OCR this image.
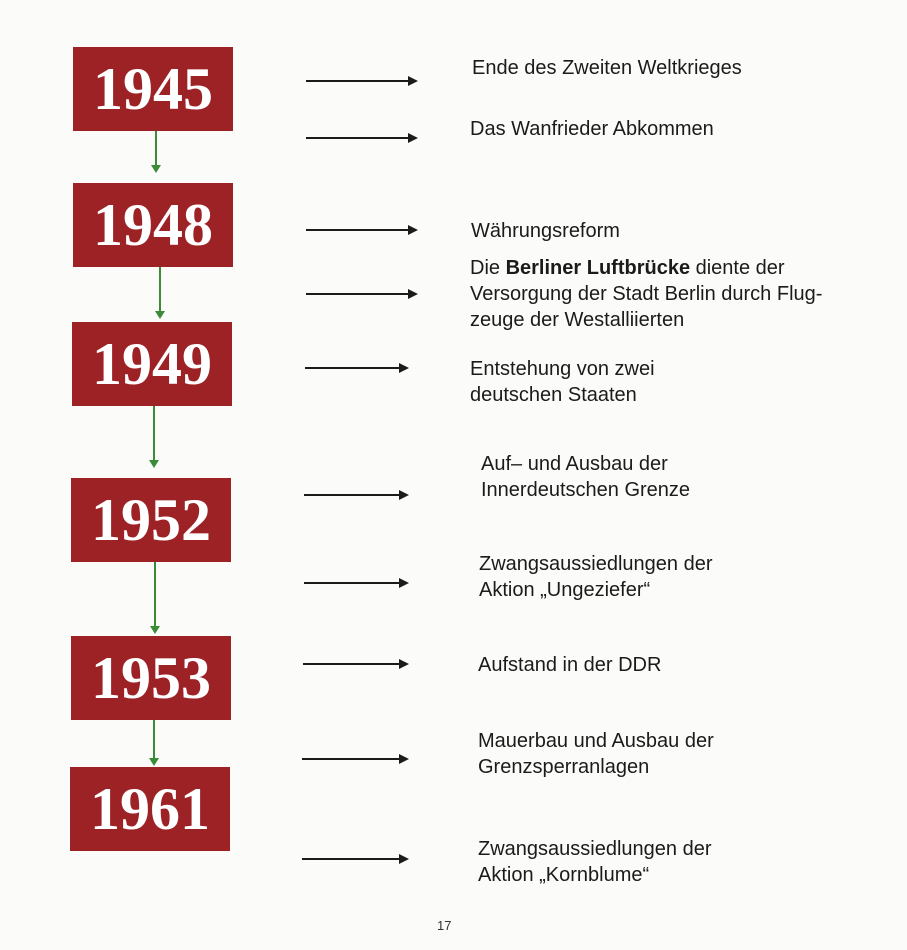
1945
1948
1949
1952
1953
1961
Ende des Zweiten Weltkrieges
Das Wanfrieder Abkommen
Währungsreform
Die Berliner Luftbrücke diente der
Versorgung der Stadt Berlin durch Flug-
zeuge der Westalliierten
Entstehung von zwei
deutschen Staaten
Auf– und Ausbau der
Innerdeutschen Grenze
Zwangsaussiedlungen der
Aktion „Ungeziefer“
Aufstand in der DDR
Mauerbau und Ausbau der
Grenzsperranlagen
Zwangsaussiedlungen der
Aktion „Kornblume“
17
